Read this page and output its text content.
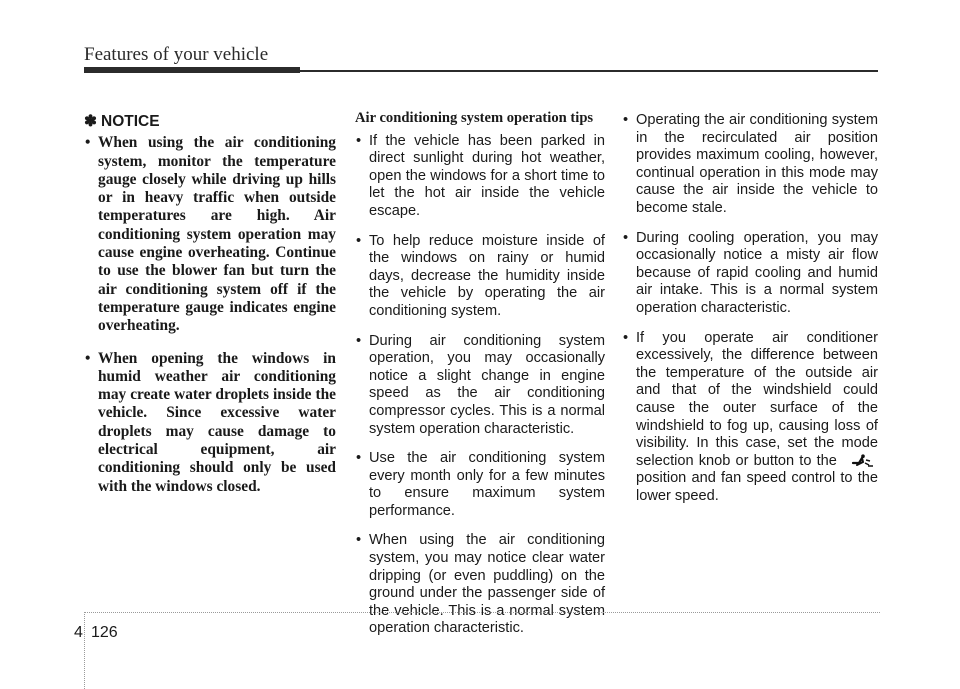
Features of your vehicle
✽ NOTICE
• When using the air conditioning system, monitor the temperature gauge closely while driving up hills or in heavy traffic when outside temperatures are high. Air conditioning system operation may cause engine overheating. Continue to use the blower fan but turn the air conditioning system off if the temperature gauge indicates engine overheating.
• When opening the windows in humid weather air conditioning may create water droplets inside the vehicle. Since excessive water droplets may cause damage to electrical equipment, air conditioning should only be used with the windows closed.
Air conditioning system operation tips
• If the vehicle has been parked in direct sunlight during hot weather, open the windows for a short time to let the hot air inside the vehicle escape.
• To help reduce moisture inside of the windows on rainy or humid days, decrease the humidity inside the vehicle by operating the air conditioning system.
• During air conditioning system operation, you may occasionally notice a slight change in engine speed as the air conditioning compressor cycles. This is a normal system operation characteristic.
• Use the air conditioning system every month only for a few minutes to ensure maximum system performance.
• When using the air conditioning system, you may notice clear water dripping (or even puddling) on the ground under the passenger side of the vehicle. This is a normal system operation characteristic.
• Operating the air conditioning system in the recirculated air position provides maximum cooling, however, continual operation in this mode may cause the air inside the vehicle to become stale.
• During cooling operation, you may occasionally notice a misty air flow because of rapid cooling and humid air intake. This is a normal system operation characteristic.
• If you operate air conditioner excessively, the difference between the temperature of the outside air and that of the windshield could cause the outer surface of the windshield to fog up, causing loss of visibility. In this case, set the mode selection knob or button to the  position and fan speed control to the lower speed.
4 126
